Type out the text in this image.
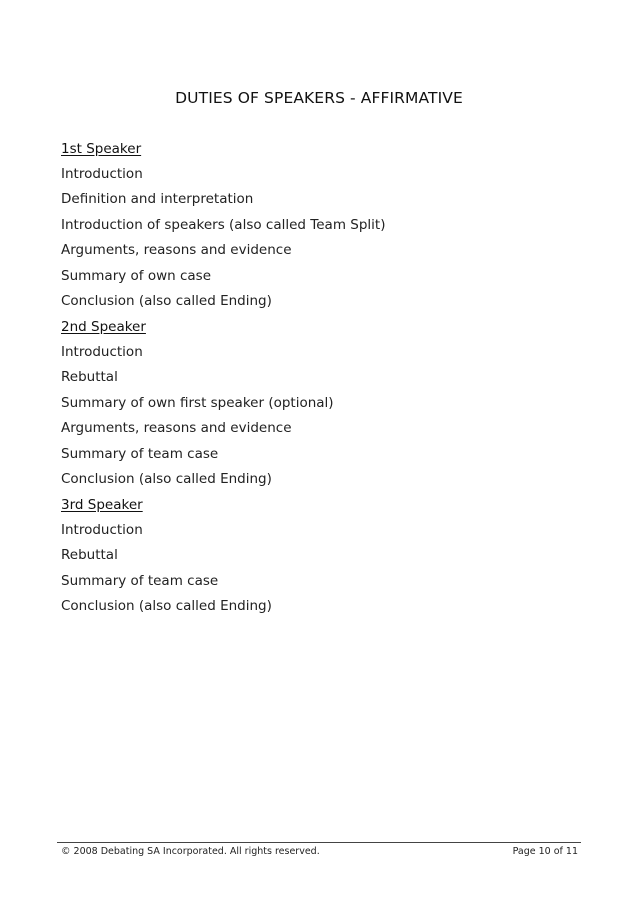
DUTIES OF SPEAKERS - AFFIRMATIVE
1st Speaker
Introduction
Definition and interpretation
Introduction of speakers (also called Team Split)
Arguments, reasons and evidence
Summary of own case
Conclusion (also called Ending)
2nd Speaker
Introduction
Rebuttal
Summary of own first speaker (optional)
Arguments, reasons and evidence
Summary of team case
Conclusion (also called Ending)
3rd Speaker
Introduction
Rebuttal
Summary of team case
Conclusion (also called Ending)
© 2008 Debating SA Incorporated. All rights reserved.	Page 10 of 11
